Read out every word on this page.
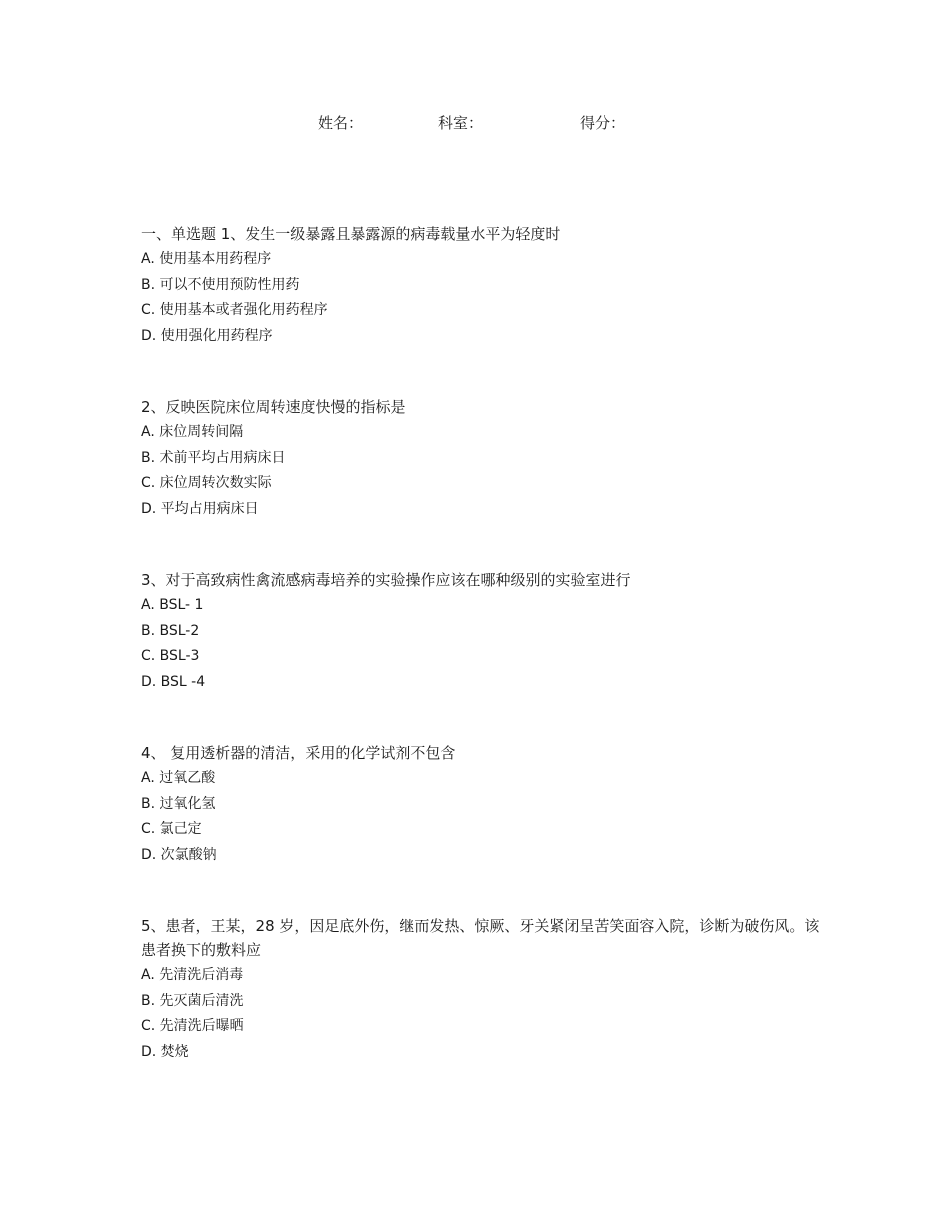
姓名：	科室：	得分：

一、单选题 1、发生一级暴露且暴露源的病毒载量水平为轻度时

A. 使用基本用药程序

B. 可以不使用预防性用药

C. 使用基本或者强化用药程序

D. 使用强化用药程序

2、反映医院床位周转速度快慢的指标是

A. 床位周转间隔

B. 术前平均占用病床日

C. 床位周转次数实际

D. 平均占用病床日

3、对于高致病性禽流感病毒培养的实验操作应该在哪种级别的实验室进行

A. BSL- 1

B. BSL-2

C. BSL-3

D. BSL -4

4、 复用透析器的清洁，采用的化学试剂不包含

A. 过氧乙酸

B. 过氧化氢

C. 氯己定

D. 次氯酸钠

5、患者，王某，28 岁，因足底外伤，继而发热、惊厥、牙关紧闭呈苦笑面容入院，诊断为破伤风。该患者换下的敷料应

A. 先清洗后消毒

B. 先灭菌后清洗

C. 先清洗后曝晒

D. 焚烧
